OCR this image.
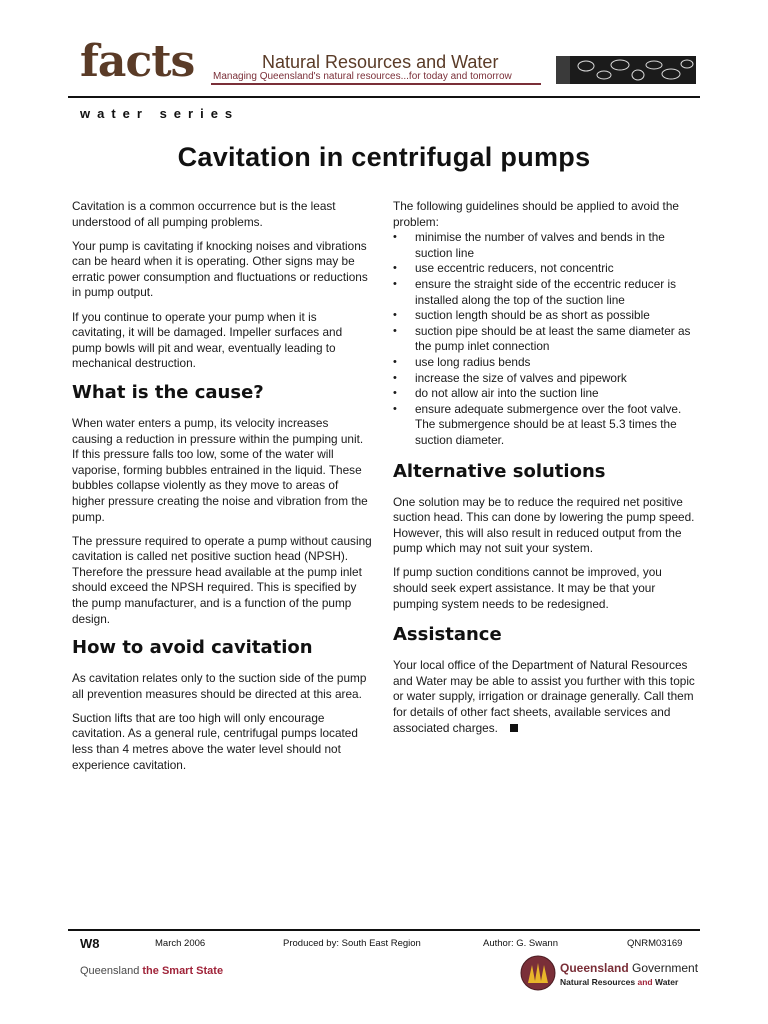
facts	Natural Resources and Water
Managing Queensland's natural resources...for today and tomorrow
water series
Cavitation in centrifugal pumps

Cavitation is a common occurrence but is the least understood of all pumping problems.

Your pump is cavitating if knocking noises and vibrations can be heard when it is operating. Other signs may be erratic power consumption and fluctuations or reductions in pump output.

If you continue to operate your pump when it is cavitating, it will be damaged. Impeller surfaces and pump bowls will pit and wear, eventually leading to mechanical destruction.

What is the cause?

When water enters a pump, its velocity increases causing a reduction in pressure within the pumping unit. If this pressure falls too low, some of the water will vaporise, forming bubbles entrained in the liquid. These bubbles collapse violently as they move to areas of higher pressure creating the noise and vibration from the pump.

The pressure required to operate a pump without causing cavitation is called net positive suction head (NPSH). Therefore the pressure head available at the pump inlet should exceed the NPSH required. This is specified by the pump manufacturer, and is a function of the pump design.

How to avoid cavitation

As cavitation relates only to the suction side of the pump all prevention measures should be directed at this area.

Suction lifts that are too high will only encourage cavitation. As a general rule, centrifugal pumps located less than 4 metres above the water level should not experience cavitation.

The following guidelines should be applied to avoid the problem:

• minimise the number of valves and bends in the suction line
• use eccentric reducers, not concentric
• ensure the straight side of the eccentric reducer is installed along the top of the suction line
• suction length should be as short as possible
• suction pipe should be at least the same diameter as the pump inlet connection
• use long radius bends
• increase the size of valves and pipework
• do not allow air into the suction line
• ensure adequate submergence over the foot valve. The submergence should be at least 5.3 times the suction diameter.
Alternative solutions

One solution may be to reduce the required net positive suction head. This can done by lowering the pump speed. However, this will also result in reduced output from the pump which may not suit your system.

If pump suction conditions cannot be improved, you should seek expert assistance. It may be that your pumping system needs to be redesigned.

Assistance

Your local office of the Department of Natural Resources and Water may be able to assist you further with this topic or water supply, irrigation or drainage generally. Call them for details of other fact sheets, available services and associated charges.

W8	March 2006	Produced by: South East Region	Author: G. Swann	QNRM03169
Queensland the Smart State	Queensland Government
Natural Resources and Water
